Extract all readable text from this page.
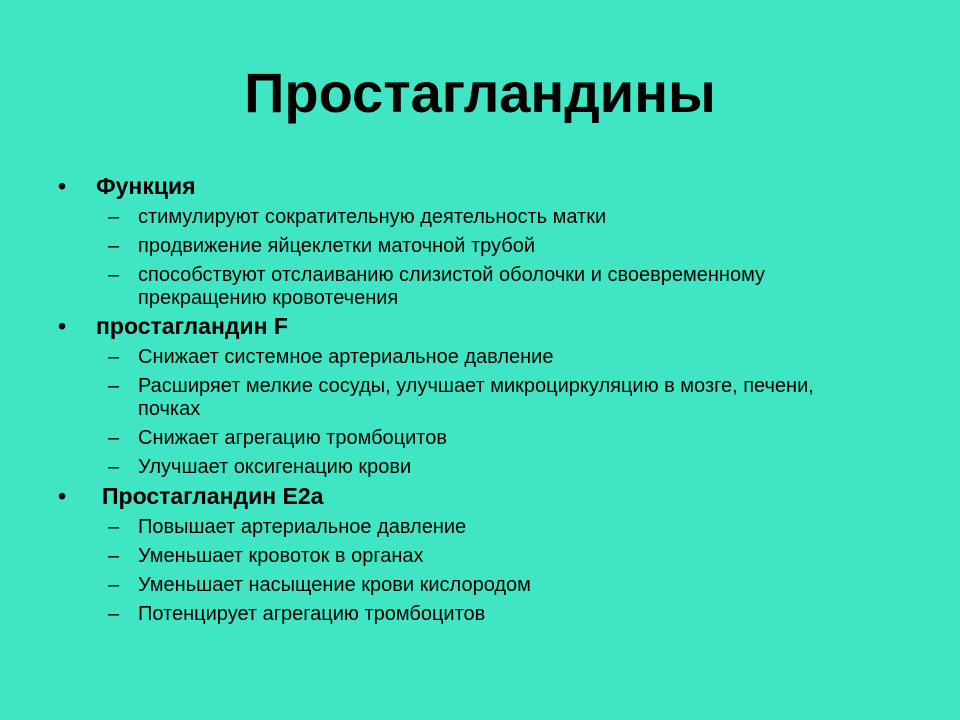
Простагландины
• Функция
– стимулируют сократительную деятельность матки
– продвижение яйцеклетки маточной трубой
– способствуют отслаиванию слизистой оболочки и своевременному прекращению кровотечения
• простагландин F
– Снижает системное артериальное давление
– Расширяет мелкие сосуды, улучшает микроциркуляцию в мозге, печени, почках
– Снижает агрегацию тромбоцитов
– Улучшает оксигенацию крови
• Простагландин Е2а
– Повышает артериальное давление
– Уменьшает кровоток в органах
– Уменьшает насыщение крови кислородом
– Потенцирует агрегацию тромбоцитов
